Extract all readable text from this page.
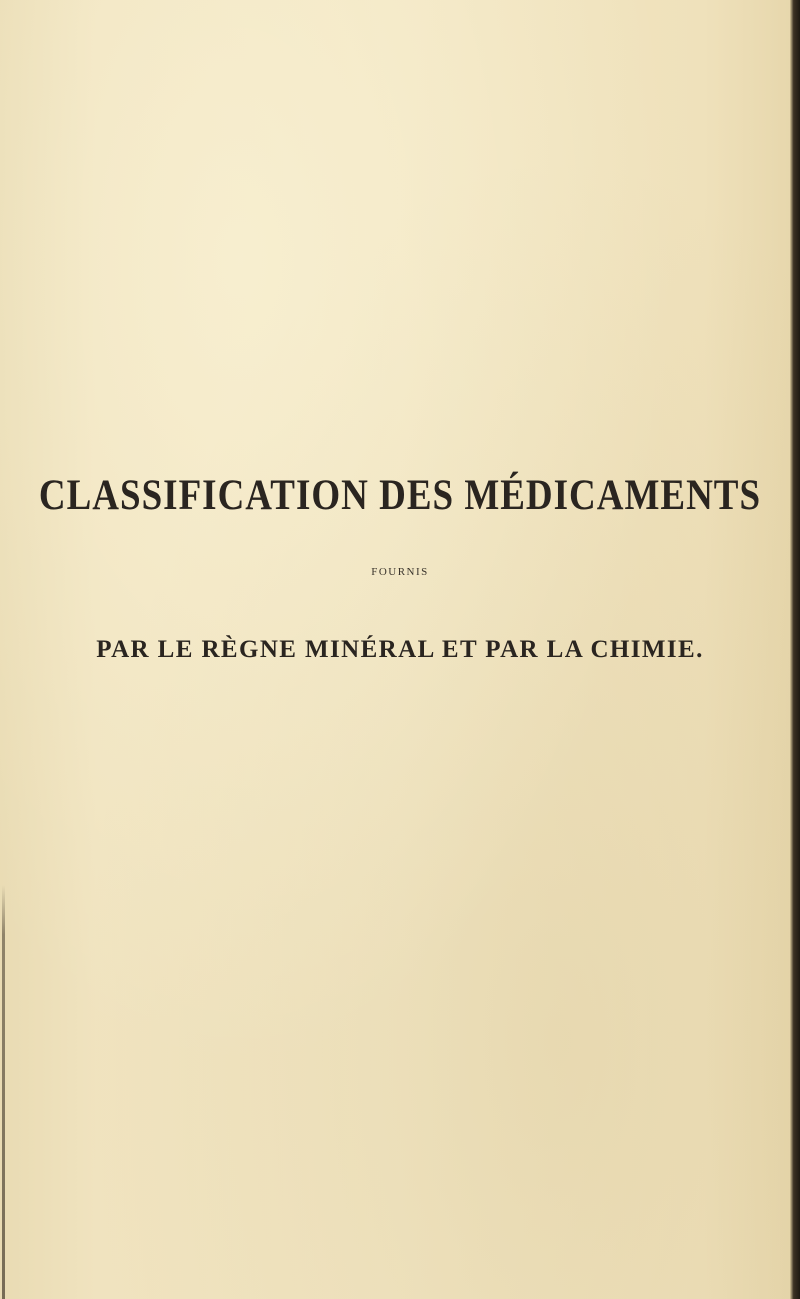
CLASSIFICATION DES MÉDICAMENTS

FOURNIS

PAR LE RÈGNE MINÉRAL ET PAR LA CHIMIE.
